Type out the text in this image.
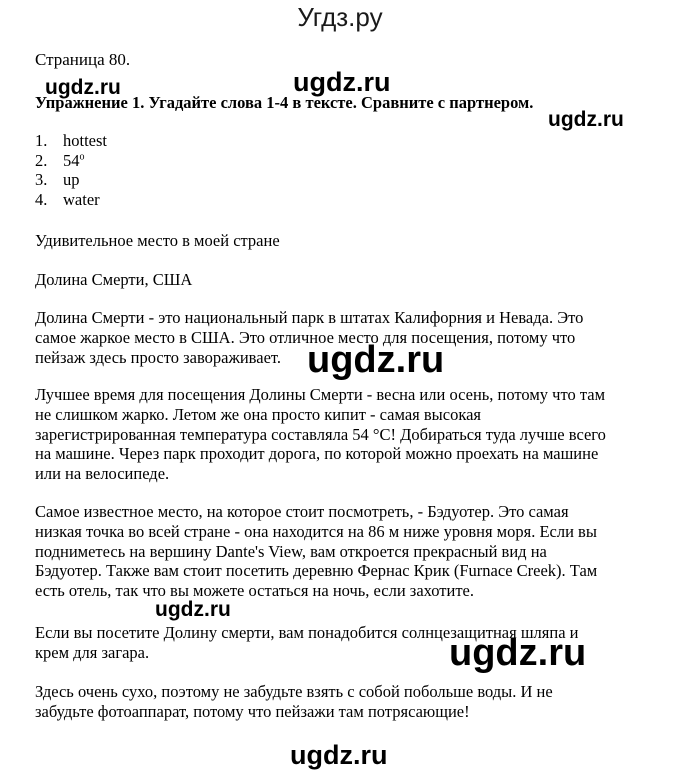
Угдз.ру
Страница 80.
Упражнение 1. Угадайте слова 1-4 в тексте. Сравните с партнером.
1. hottest
2. 54$^o$
3. up
4. water
Удивительное место в моей стране
Долина Смерти, США
Долина Смерти - это национальный парк в штатах Калифорния и Невада. Это самое жаркое место в США. Это отличное место для посещения, потому что пейзаж здесь просто завораживает.
Лучшее время для посещения Долины Смерти - весна или осень, потому что там не слишком жарко. Летом же она просто кипит - самая высокая зарегистрированная температура составляла 54 °C! Добираться туда лучше всего на машине. Через парк проходит дорога, по которой можно проехать на машине или на велосипеде.
Самое известное место, на которое стоит посмотреть, - Бэдуотер. Это самая низкая точка во всей стране - она находится на 86 м ниже уровня моря. Если вы подниметесь на вершину Dante's View, вам откроется прекрасный вид на Бэдуотер. Также вам стоит посетить деревню Фернас Крик (Furnace Creek). Там есть отель, так что вы можете остаться на ночь, если захотите.
Если вы посетите Долину смерти, вам понадобится солнцезащитная шляпа и крем для загара.
Здесь очень сухо, поэтому не забудьте взять с собой побольше воды. И не забудьте фотоаппарат, потому что пейзажи там потрясающие!
ugdz.ru	ugdz.ru
ugdz.ru
ugdz.ru
ugdz.ru
ugdz.ru
ugdz.ru
